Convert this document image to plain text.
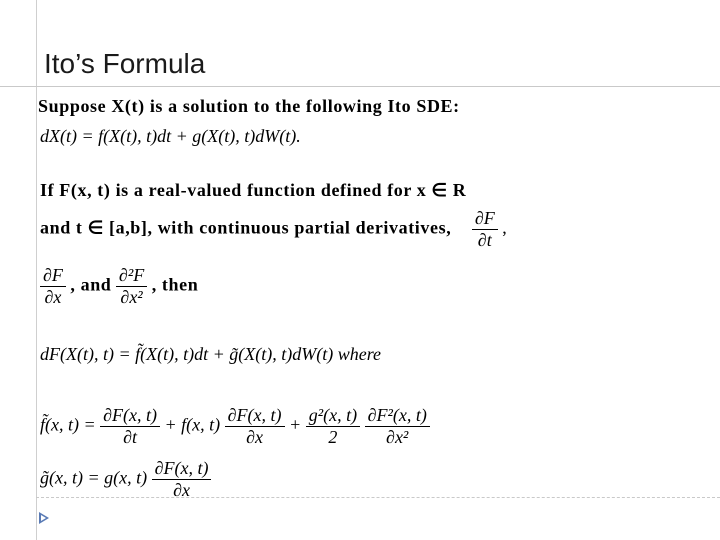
Ito’s Formula
Suppose X(t) is a solution to the following Ito SDE:
dX(t) = f(X(t), t)dt + g(X(t), t)dW(t).
If F(x, t) is a real-valued function defined for x ∈ R
and t ∈ [a,b], with continuous partial derivatives, $\frac{\partial F}{\partial t}$ ,
$\frac{\partial F}{\partial x}$ , and $\frac{\text{∂²F}}{\text{∂x²}}$ , then
dF(X(t), t) = f̃(X(t), t)dt + g̃(X(t), t)dW(t) where
f̃(x, $t) = \frac{\partial F(x, t)}{\partial t} + f(x$, $t) \frac{\partial F(x, t)}{\partial x} + \frac{\text{g²(x, t)}}{2}$
$\frac{\text{∂F²(x, t)}}{\text{∂x²}}$
g̃(x, t) = g(x, $t) \frac{\partial F(x, t)}{\partial x}$
